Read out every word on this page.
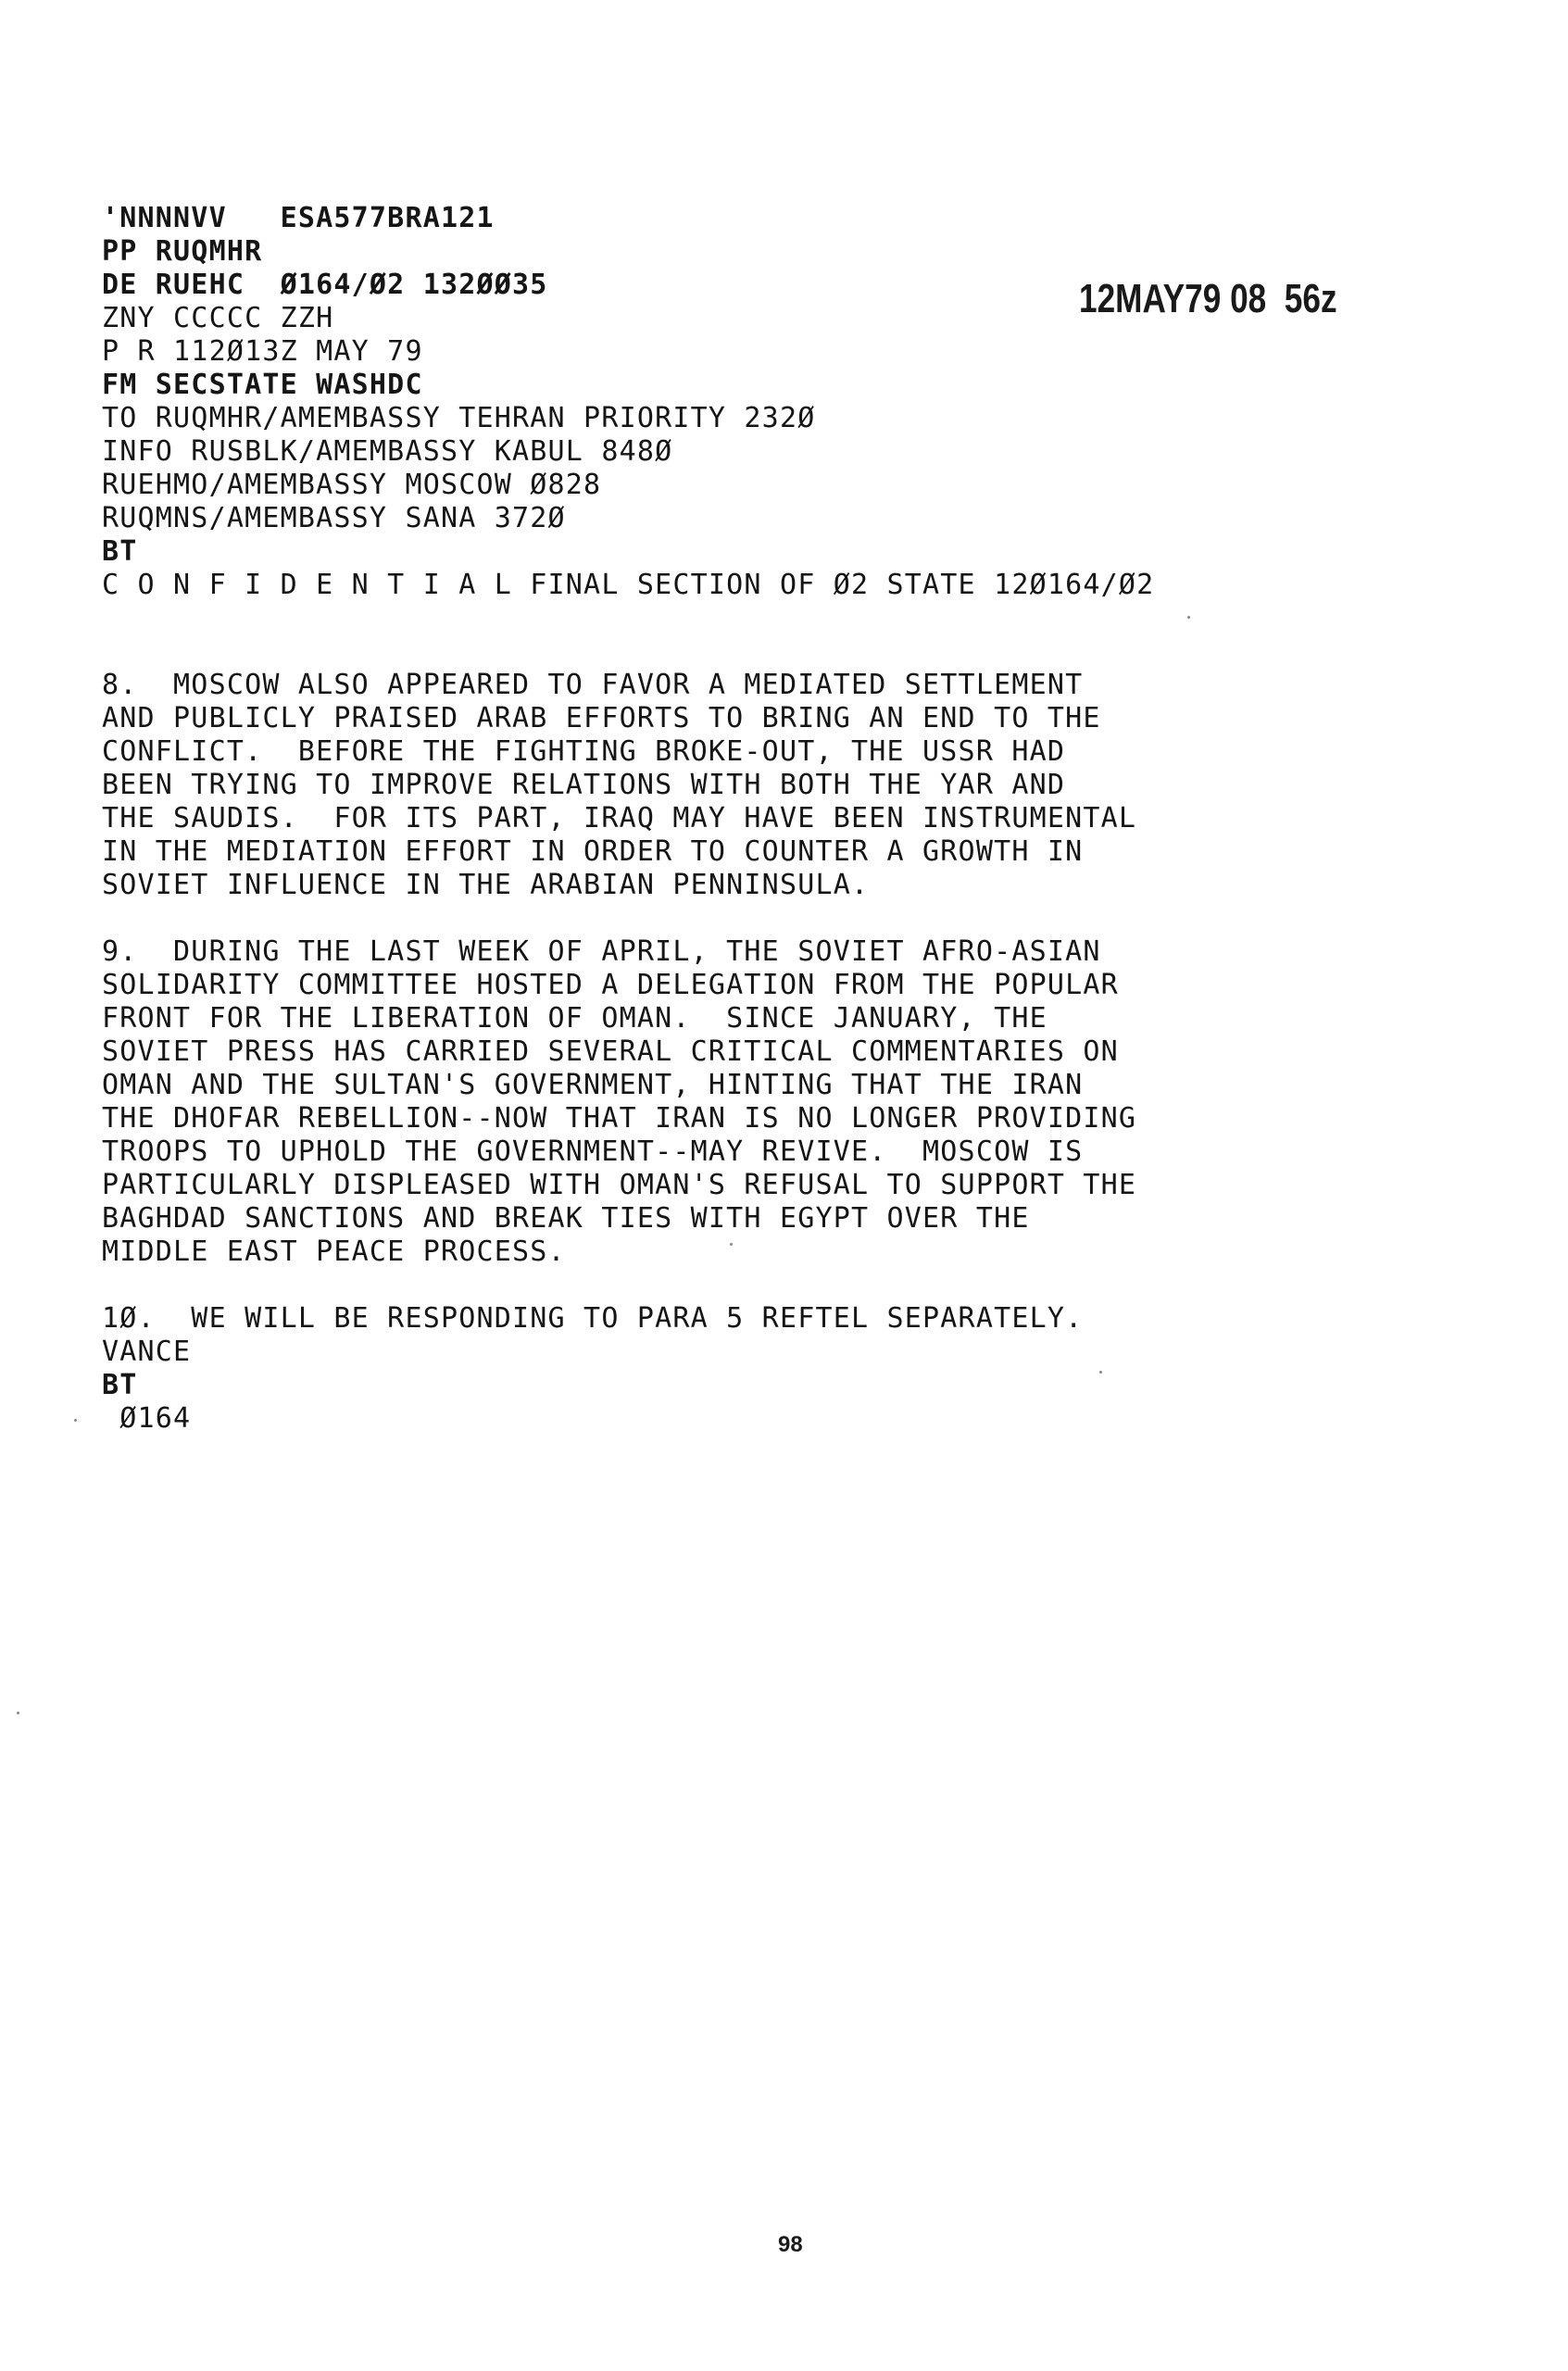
'NNNNVV   ESA577BRA121

PP RUQMHR

DE RUEHC  Ø164/Ø2 132ØØ35

ZNY CCCCC ZZH

P R 112Ø13Z MAY 79

FM SECSTATE WASHDC

TO RUQMHR/AMEMBASSY TEHRAN PRIORITY 232Ø

INFO RUSBLK/AMEMBASSY KABUL 848Ø

RUEHMO/AMEMBASSY MOSCOW Ø828

RUQMNS/AMEMBASSY SANA 372Ø

BT

C O N F I D E N T I A L FINAL SECTION OF Ø2 STATE 12Ø164/Ø2

12MAY79 08  56z

8.  MOSCOW ALSO APPEARED TO FAVOR A MEDIATED SETTLEMENT

AND PUBLICLY PRAISED ARAB EFFORTS TO BRING AN END TO THE

CONFLICT.  BEFORE THE FIGHTING BROKE-OUT, THE USSR HAD

BEEN TRYING TO IMPROVE RELATIONS WITH BOTH THE YAR AND

THE SAUDIS.  FOR ITS PART, IRAQ MAY HAVE BEEN INSTRUMENTAL

IN THE MEDIATION EFFORT IN ORDER TO COUNTER A GROWTH IN

SOVIET INFLUENCE IN THE ARABIAN PENNINSULA.

9.  DURING THE LAST WEEK OF APRIL, THE SOVIET AFRO-ASIAN

SOLIDARITY COMMITTEE HOSTED A DELEGATION FROM THE POPULAR

FRONT FOR THE LIBERATION OF OMAN.  SINCE JANUARY, THE

SOVIET PRESS HAS CARRIED SEVERAL CRITICAL COMMENTARIES ON

OMAN AND THE SULTAN'S GOVERNMENT, HINTING THAT THE IRAN

THE DHOFAR REBELLION--NOW THAT IRAN IS NO LONGER PROVIDING

TROOPS TO UPHOLD THE GOVERNMENT--MAY REVIVE.  MOSCOW IS

PARTICULARLY DISPLEASED WITH OMAN'S REFUSAL TO SUPPORT THE

BAGHDAD SANCTIONS AND BREAK TIES WITH EGYPT OVER THE

MIDDLE EAST PEACE PROCESS.

1Ø.  WE WILL BE RESPONDING TO PARA 5 REFTEL SEPARATELY.

VANCE

BT

Ø164

98
